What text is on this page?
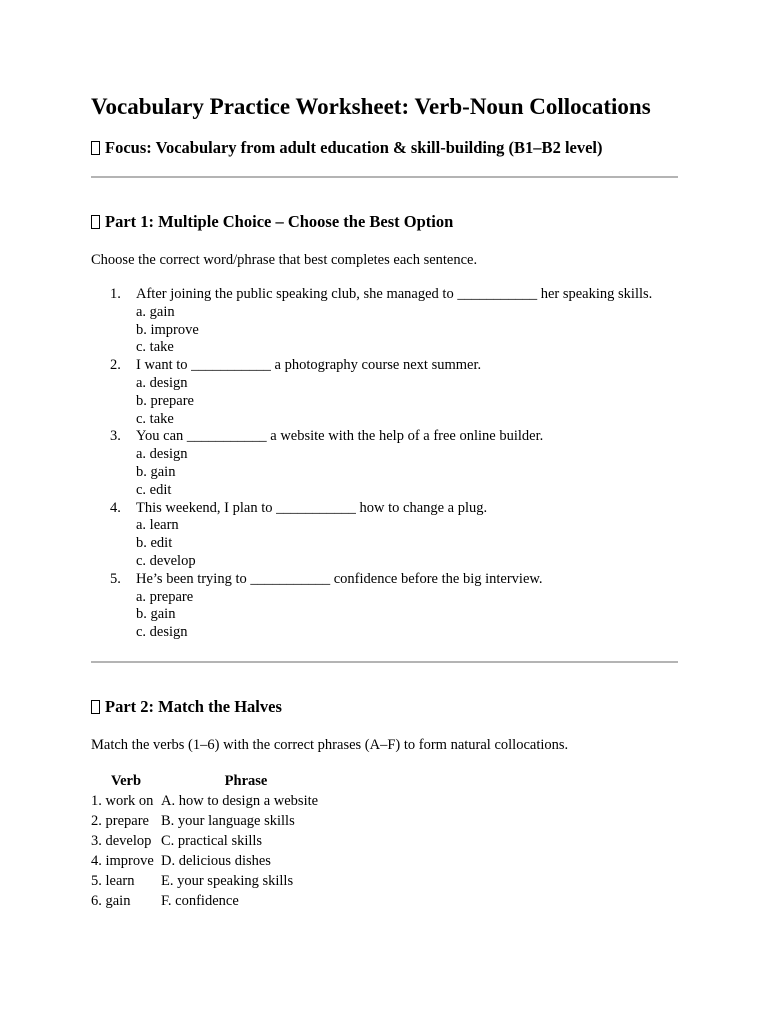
Vocabulary Practice Worksheet: Verb-Noun Collocations

Focus: Vocabulary from adult education & skill-building (B1–B2 level)

Part 1: Multiple Choice – Choose the Best Option

Choose the correct word/phrase that best completes each sentence.

1. After joining the public speaking club, she managed to ___________ her speaking skills.
a. gain
b. improve
c. take
2. I want to ___________ a photography course next summer.
a. design
b. prepare
c. take
3. You can ___________ a website with the help of a free online builder.
a. design
b. gain
c. edit
4. This weekend, I plan to ___________ how to change a plug.
a. learn
b. edit
c. develop
5. He’s been trying to ___________ confidence before the big interview.
a. prepare
b. gain
c. design
Part 2: Match the Halves

Match the verbs (1–6) with the correct phrases (A–F) to form natural collocations.

Verb	Phrase
1. work on	A. how to design a website
2. prepare	B. your language skills
3. develop	C. practical skills
4. improve	D. delicious dishes
5. learn	E. your speaking skills
6. gain	F. confidence
